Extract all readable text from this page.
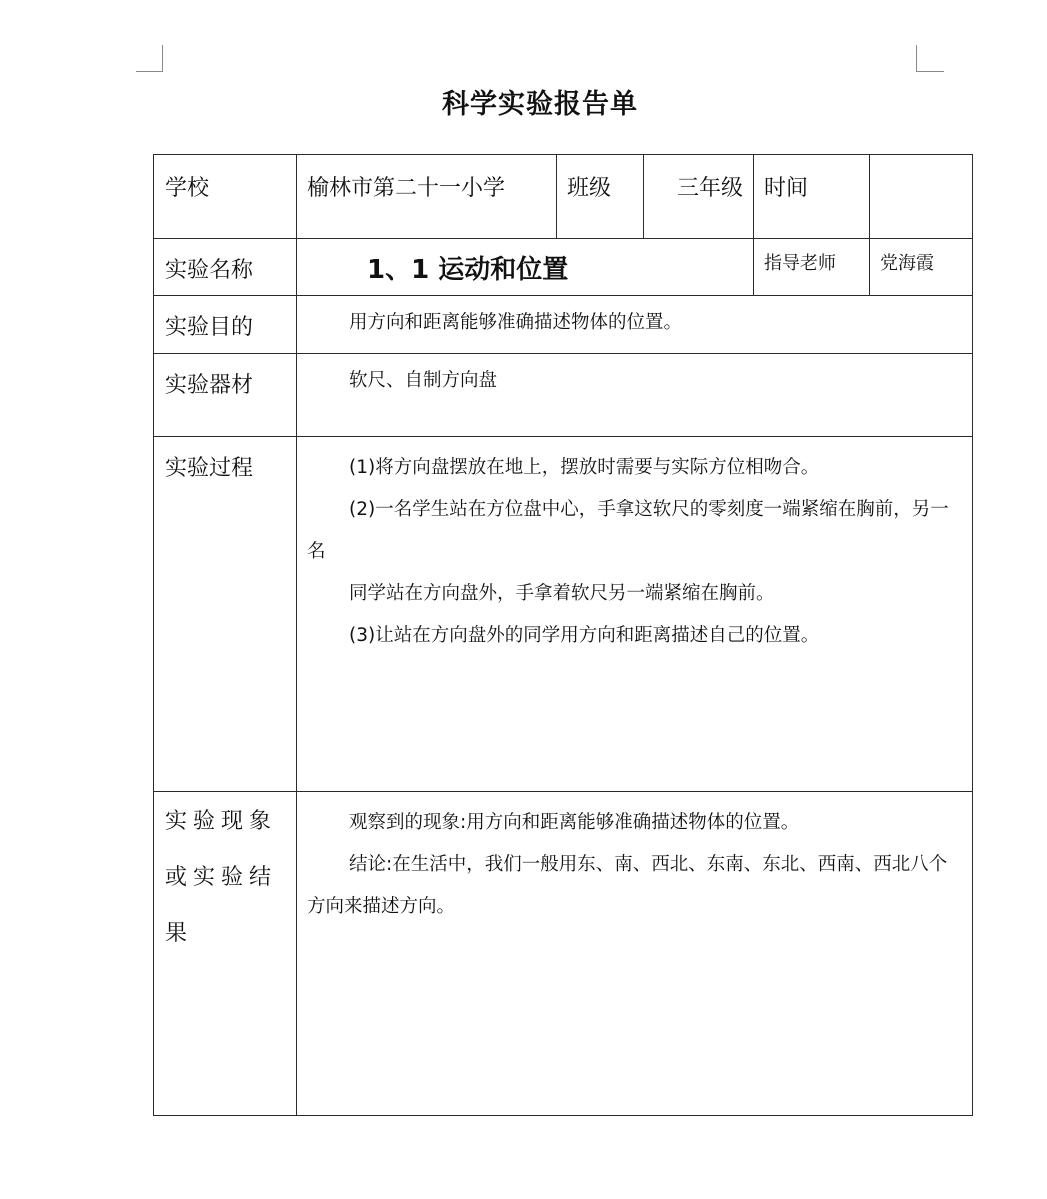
科学实验报告单
学校	榆林市第二十一小学	班级	三年级	时间	
实验名称	1、1 运动和位置			指导老师	党海霞
实验目的	用方向和距离能够准确描述物体的位置。				

实验器材	软尺、自制方向盘				

实验过程	(1)将方向盘摆放在地上，摆放时需要与实际方位相吻合。

(2)一名学生站在方位盘中心，手拿这软尺的零刻度一端紧缩在胸前，另一名

同学站在方向盘外，手拿着软尺另一端紧缩在胸前。

(3)让站在方向盘外的同学用方向和距离描述自己的位置。				

实验现象或实验结果	观察到的现象:用方向和距离能够准确描述物体的位置。

结论:在生活中，我们一般用东、南、西北、东南、东北、西南、西北八个方向来描述方向。				
